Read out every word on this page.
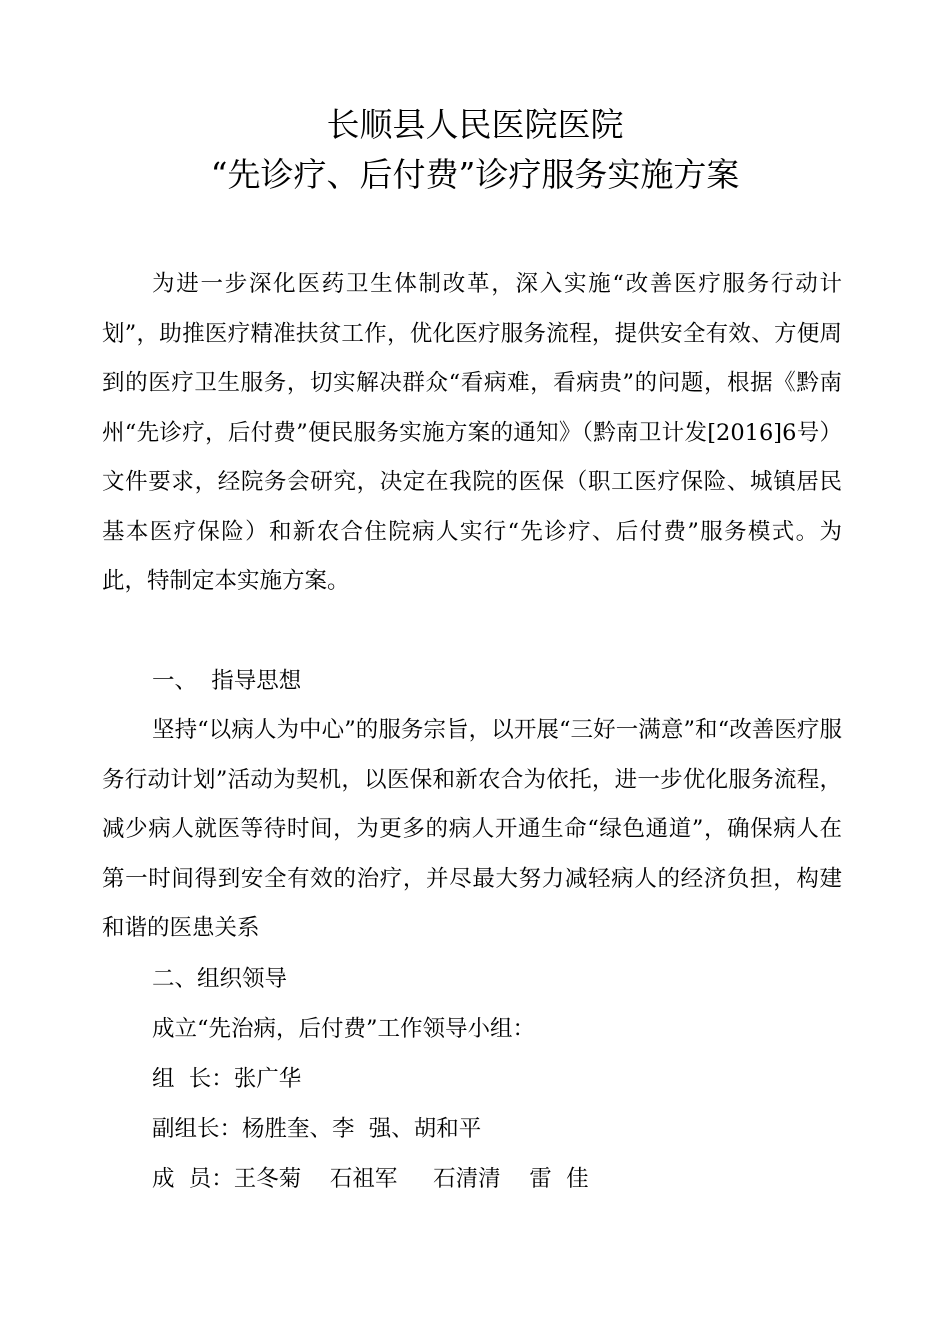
长顺县人民医院医院
“先诊疗、后付费”诊疗服务实施方案

为进一步深化医药卫生体制改革，深入实施“改善医疗服务行动计划”，助推医疗精准扶贫工作，优化医疗服务流程，提供安全有效、方便周到的医疗卫生服务，切实解决群众“看病难，看病贵”的问题，根据《黔南州“先诊疗，后付费”便民服务实施方案的通知》（黔南卫计发[2016]6号）文件要求，经院务会研究，决定在我院的医保（职工医疗保险、城镇居民基本医疗保险）和新农合住院病人实行“先诊疗、后付费”服务模式。为此，特制定本实施方案。

一、  指导思想

坚持“以病人为中心”的服务宗旨，以开展“三好一满意”和“改善医疗服务行动计划”活动为契机，以医保和新农合为依托，进一步优化服务流程，减少病人就医等待时间，为更多的病人开通生命“绿色通道”，确保病人在第一时间得到安全有效的治疗，并尽最大努力减轻病人的经济负担，构建和谐的医患关系

二、组织领导

成立“先治病，后付费”工作领导小组：

组  长：张广华

副组长：杨胜奎、李  强、胡和平

成  员：王冬菊    石祖军     石清清    雷  佳
